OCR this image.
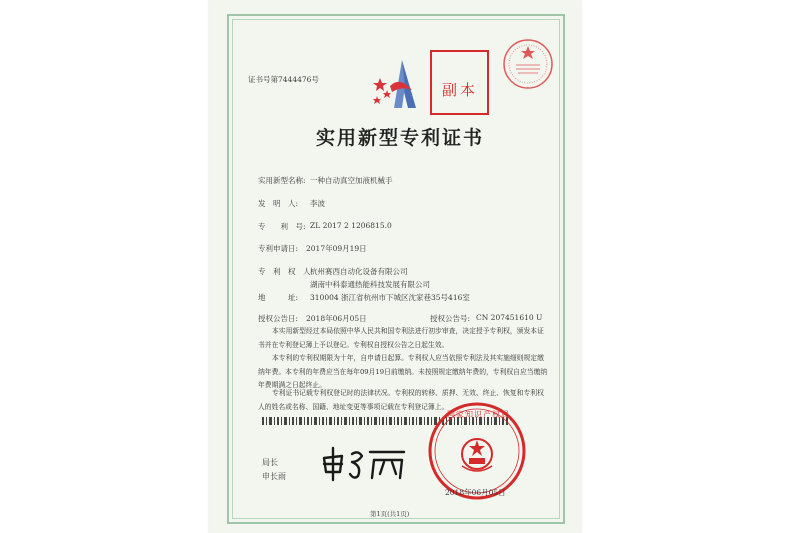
证书号第7444476号
副本
实用新型专利证书
实用新型名称: 一种自动真空加液机械手
发　明　人: 李波
专　　利　号: ZL 2017 2 1206815.0
专利申请日: 2017年09月19日
专　利　权　人:
杭州赛西自动化设备有限公司
湖南中科泰通热能科技发展有限公司
地　　　址: 310004 浙江省杭州市下城区沈家巷35号416室
授权公告日: 2018年06月05日	授权公告号: CN 207451610 U
本实用新型经过本局依照中华人民共和国专利法进行初步审查，决定授予专利权，颁发本证书并在专利登记簿上予以登记。专利权自授权公告之日起生效。
本专利的专利权期限为十年，自申请日起算。专利权人应当依照专利法及其实施细则规定缴纳年费。本专利的年费应当在每年09月19日前缴纳。未按照规定缴纳年费的，专利权自应当缴纳年费期满之日起终止。
专利证书记载专利权登记时的法律状况。专利权的转移、质押、无效、终止、恢复和专利权人的姓名或名称、国籍、地址变更等事项记载在专利登记簿上。
局长
申长雨
国家知识产权局
2018年06月05日
第1页(共1页)
